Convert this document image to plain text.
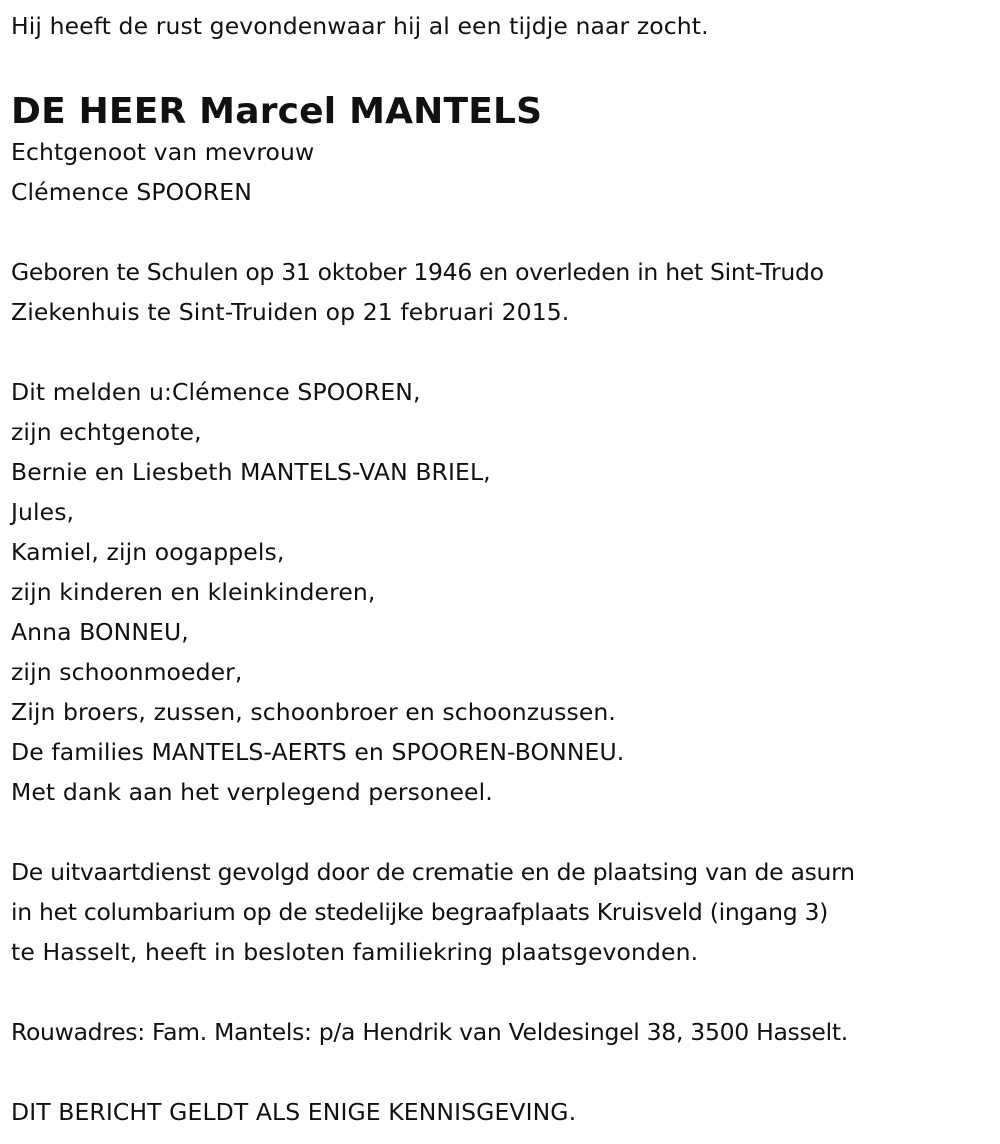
Hij heeft de rust gevondenwaar hij al een tijdje naar zocht.
DE HEER Marcel MANTELS
Echtgenoot van mevrouw
Clémence SPOOREN
Geboren te Schulen op 31 oktober 1946 en overleden in het Sint-Trudo
Ziekenhuis te Sint-Truiden op 21 februari 2015.
Dit melden u:Clémence SPOOREN,
zijn echtgenote,
Bernie en Liesbeth MANTELS-VAN BRIEL,
Jules,
Kamiel, zijn oogappels,
zijn kinderen en kleinkinderen,
Anna BONNEU,
zijn schoonmoeder,
Zijn broers, zussen, schoonbroer en schoonzussen.
De families MANTELS-AERTS en SPOOREN-BONNEU.
Met dank aan het verplegend personeel.
De uitvaartdienst gevolgd door de crematie en de plaatsing van de asurn
in het columbarium op de stedelijke begraafplaats Kruisveld (ingang 3)
te Hasselt, heeft in besloten familiekring plaatsgevonden.
Rouwadres: Fam. Mantels: p/a Hendrik van Veldesingel 38, 3500 Hasselt.
DIT BERICHT GELDT ALS ENIGE KENNISGEVING.
